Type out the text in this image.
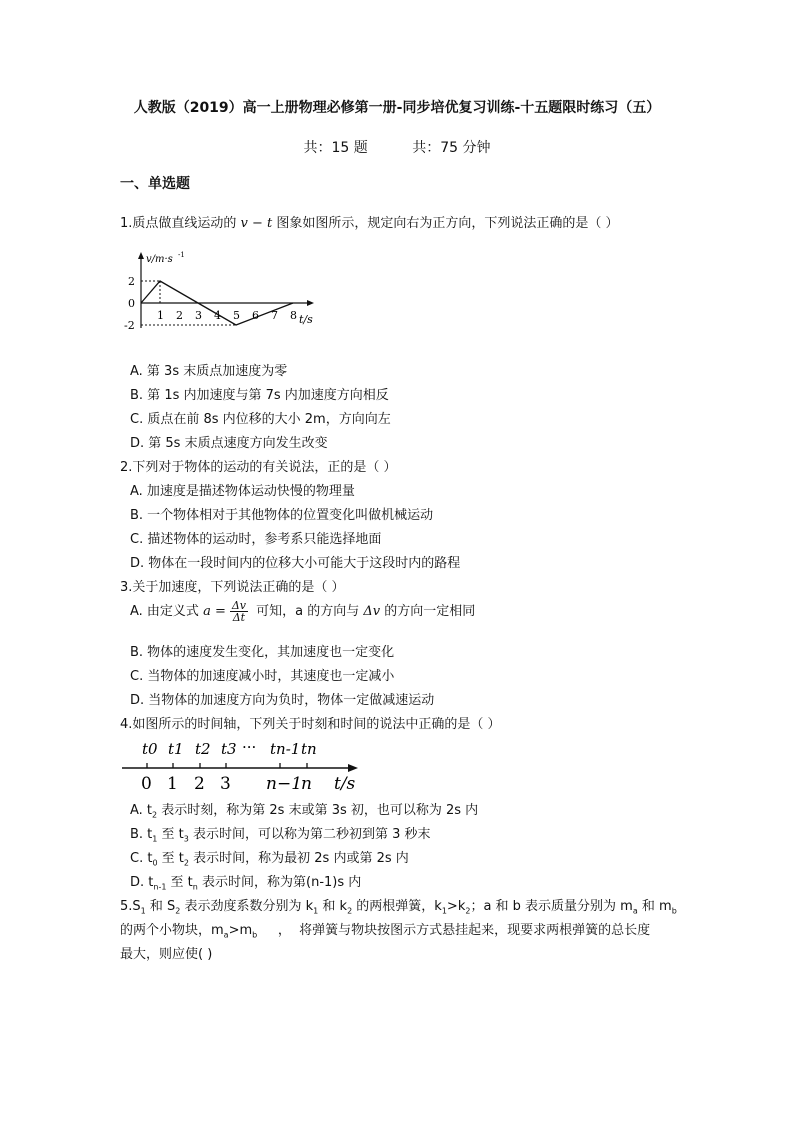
人教版（2019）高一上册物理必修第一册-同步培优复习训练-十五题限时练习（五）
共：15 题	共：75 分钟
一、单选题
1.质点做直线运动的 v − t 图象如图所示，规定向右为正方向，下列说法正确的是（ ）
v/m·s -1
2
0
-2
1 2 3 4 5 6 7 8 t/s
A. 第 3s 末质点加速度为零
B. 第 1s 内加速度与第 7s 内加速度方向相反
C. 质点在前 8s 内位移的大小 2m，方向向左
D. 第 5s 末质点速度方向发生改变
2.下列对于物体的运动的有关说法，正的是（ ）
A. 加速度是描述物体运动快慢的物理量
B. 一个物体相对于其他物体的位置变化叫做机械运动
C. 描述物体的运动时，参考系只能选择地面
D. 物体在一段时间内的位移大小可能大于这段时内的路程
3.关于加速度，下列说法正确的是（ ）
A. 由定义式 $a = \frac{\Delta v}{\Delta t}$ 可知，a 的方向与 Δv 的方向一定相同
B. 物体的速度发生变化，其加速度也一定变化
C. 当物体的加速度减小时，其速度也一定减小
D. 当物体的加速度方向为负时，物体一定做减速运动
4.如图所示的时间轴，下列关于时刻和时间的说法中正确的是（ ）
t0 t1 t2 t3 ··· tn-1 tn
0 1 2 3 n−1
n t/s
A. $t_2$ 表示时刻，称为第 2s 末或第 3s 初，也可以称为 2s 内
B. $t_1$ 至 $t_3$ 表示时间，可以称为第二秒初到第 3 秒末
C. $t_0$ 至 $t_2$ 表示时间，称为最初 2s 内或第 2s 内
D. $t_{n-1}$ 至 $t_n$ 表示时间，称为第(n-1)s 内
$5.S_1$ 和 $S_2$ 表示劲度系数分别为 $k_1$ 和 $k_2$ 的两根弹簧，$k_1>k_2$；a 和 b 表示质量分别为 $m_a$ 和 $m_b$
的两个小物块，$m_a>m_b$     ，  将弹簧与物块按图示方式悬挂起来，现要求两根弹簧的总长度
最大，则应使( )
